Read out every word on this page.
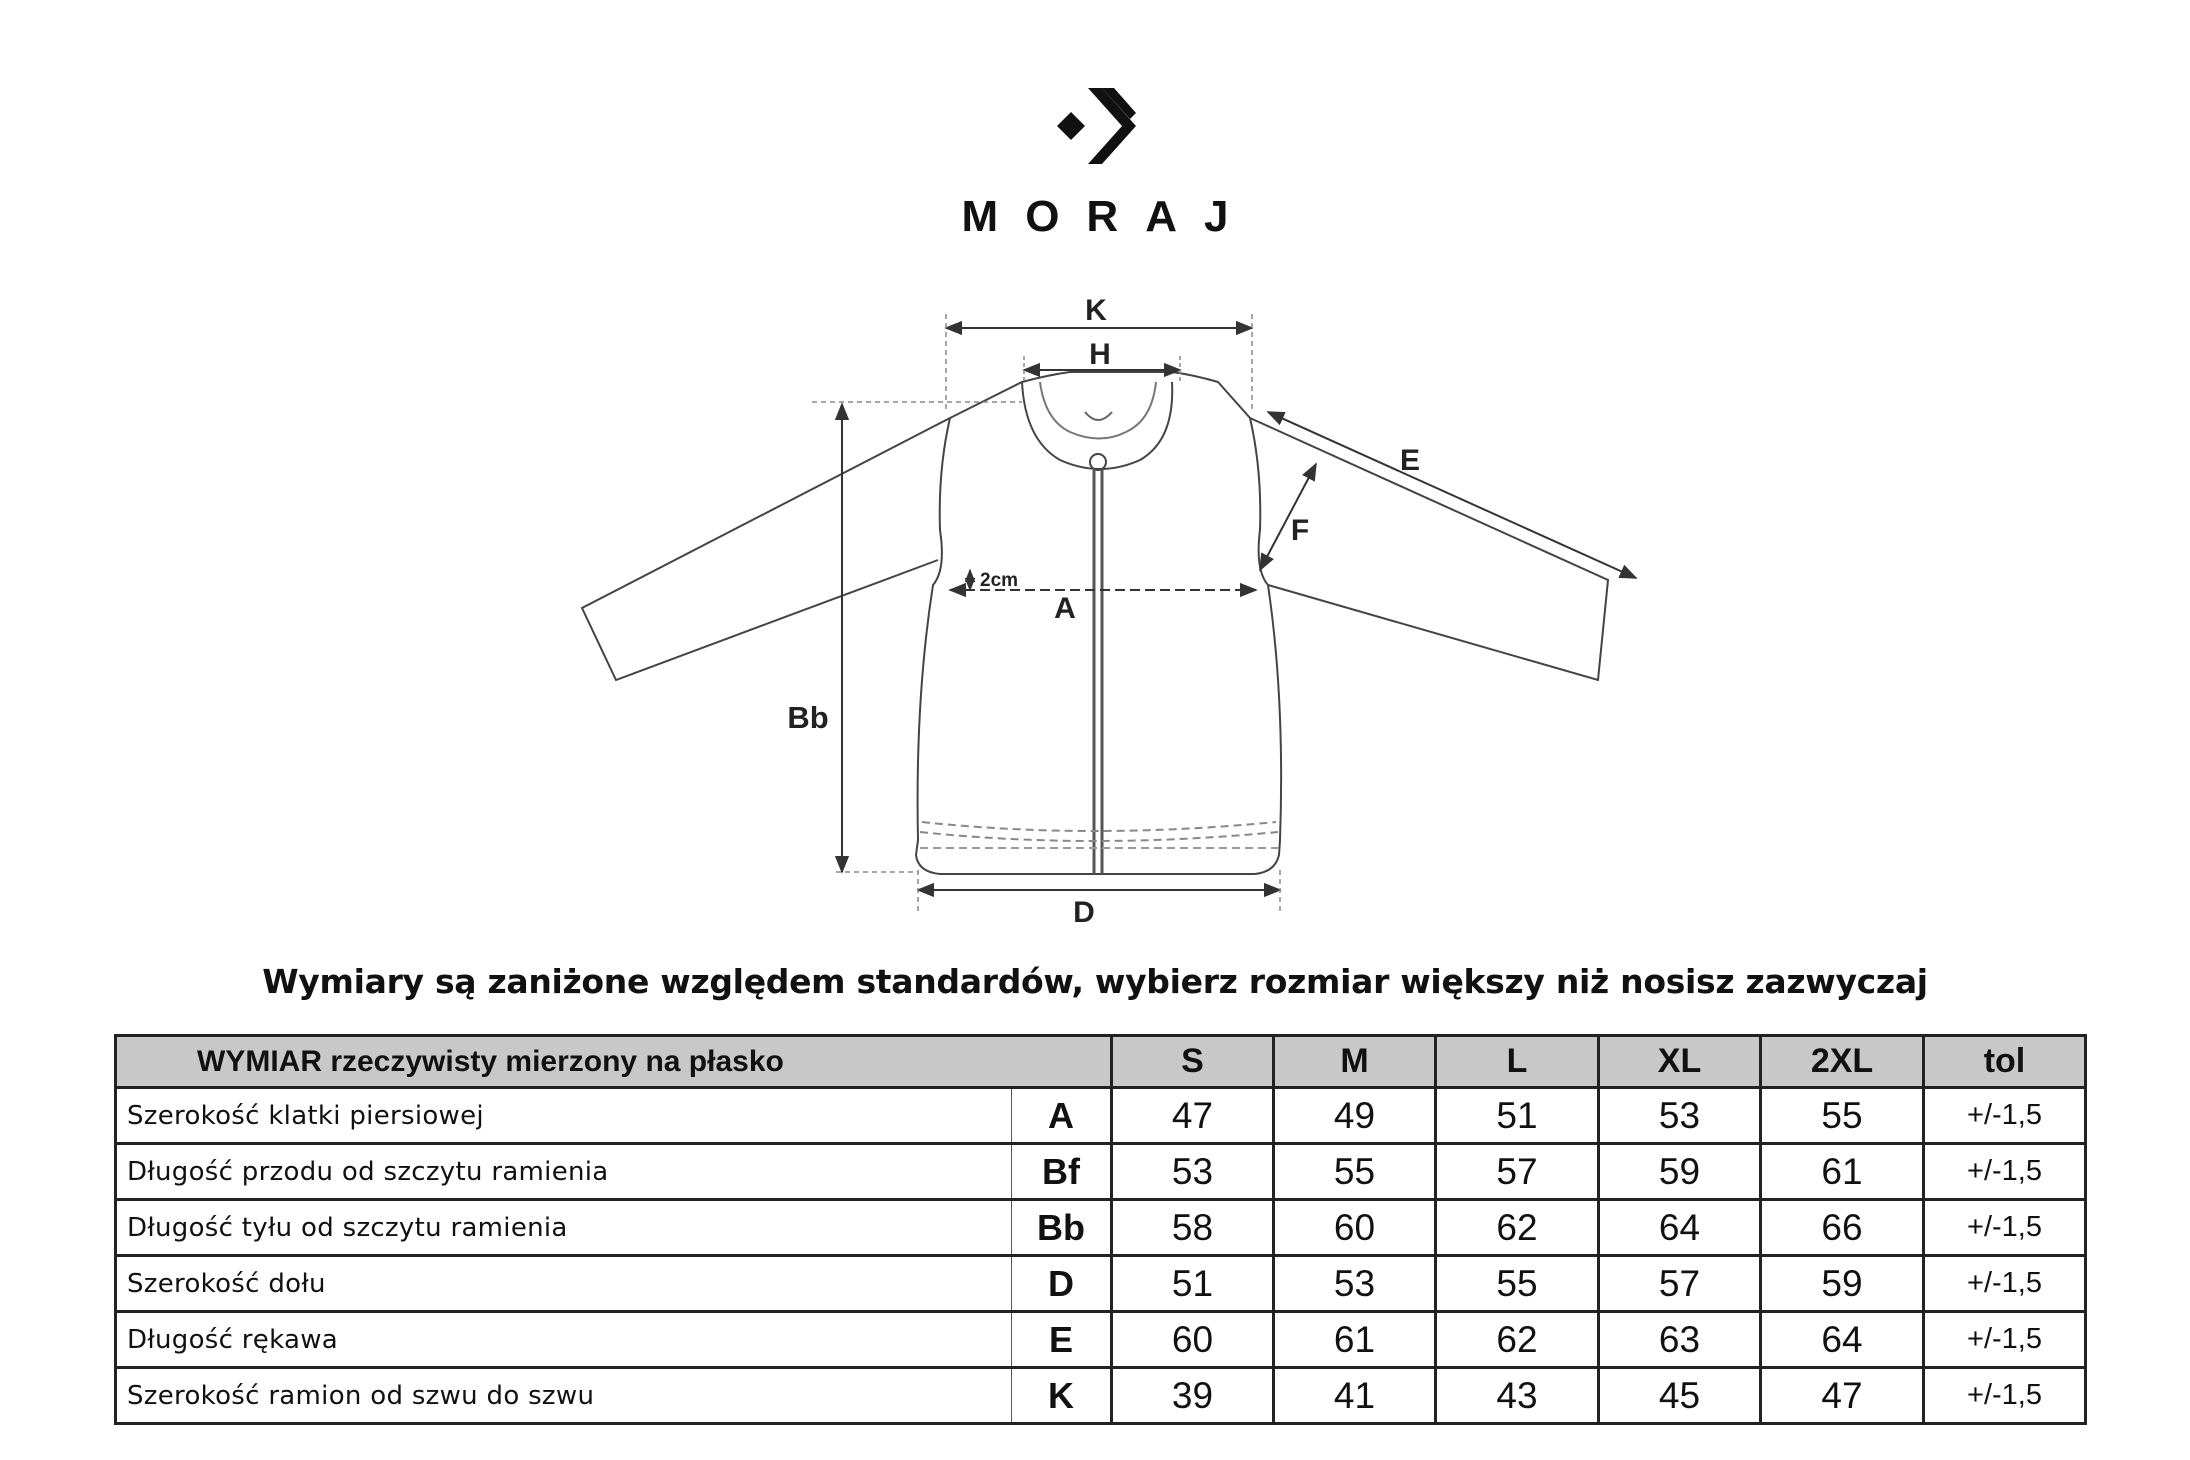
MORAJ
K
H
E
F
A
2cm
Bb
D
Wymiary są zaniżone względem standardów, wybierz rozmiar większy niż nosisz zazwyczaj
WYMIAR rzeczywisty mierzony na płasko		S	M	L	XL	2XL	tol
Szerokość klatki piersiowej	A	47	49	51	53	55	+/-1,5
Długość przodu od szczytu ramienia	Bf	53	55	57	59	61	+/-1,5
Długość tyłu od szczytu ramienia	Bb	58	60	62	64	66	+/-1,5
Szerokość dołu	D	51	53	55	57	59	+/-1,5
Długość rękawa	E	60	61	62	63	64	+/-1,5
Szerokość ramion od szwu do szwu	K	39	41	43	45	47	+/-1,5
